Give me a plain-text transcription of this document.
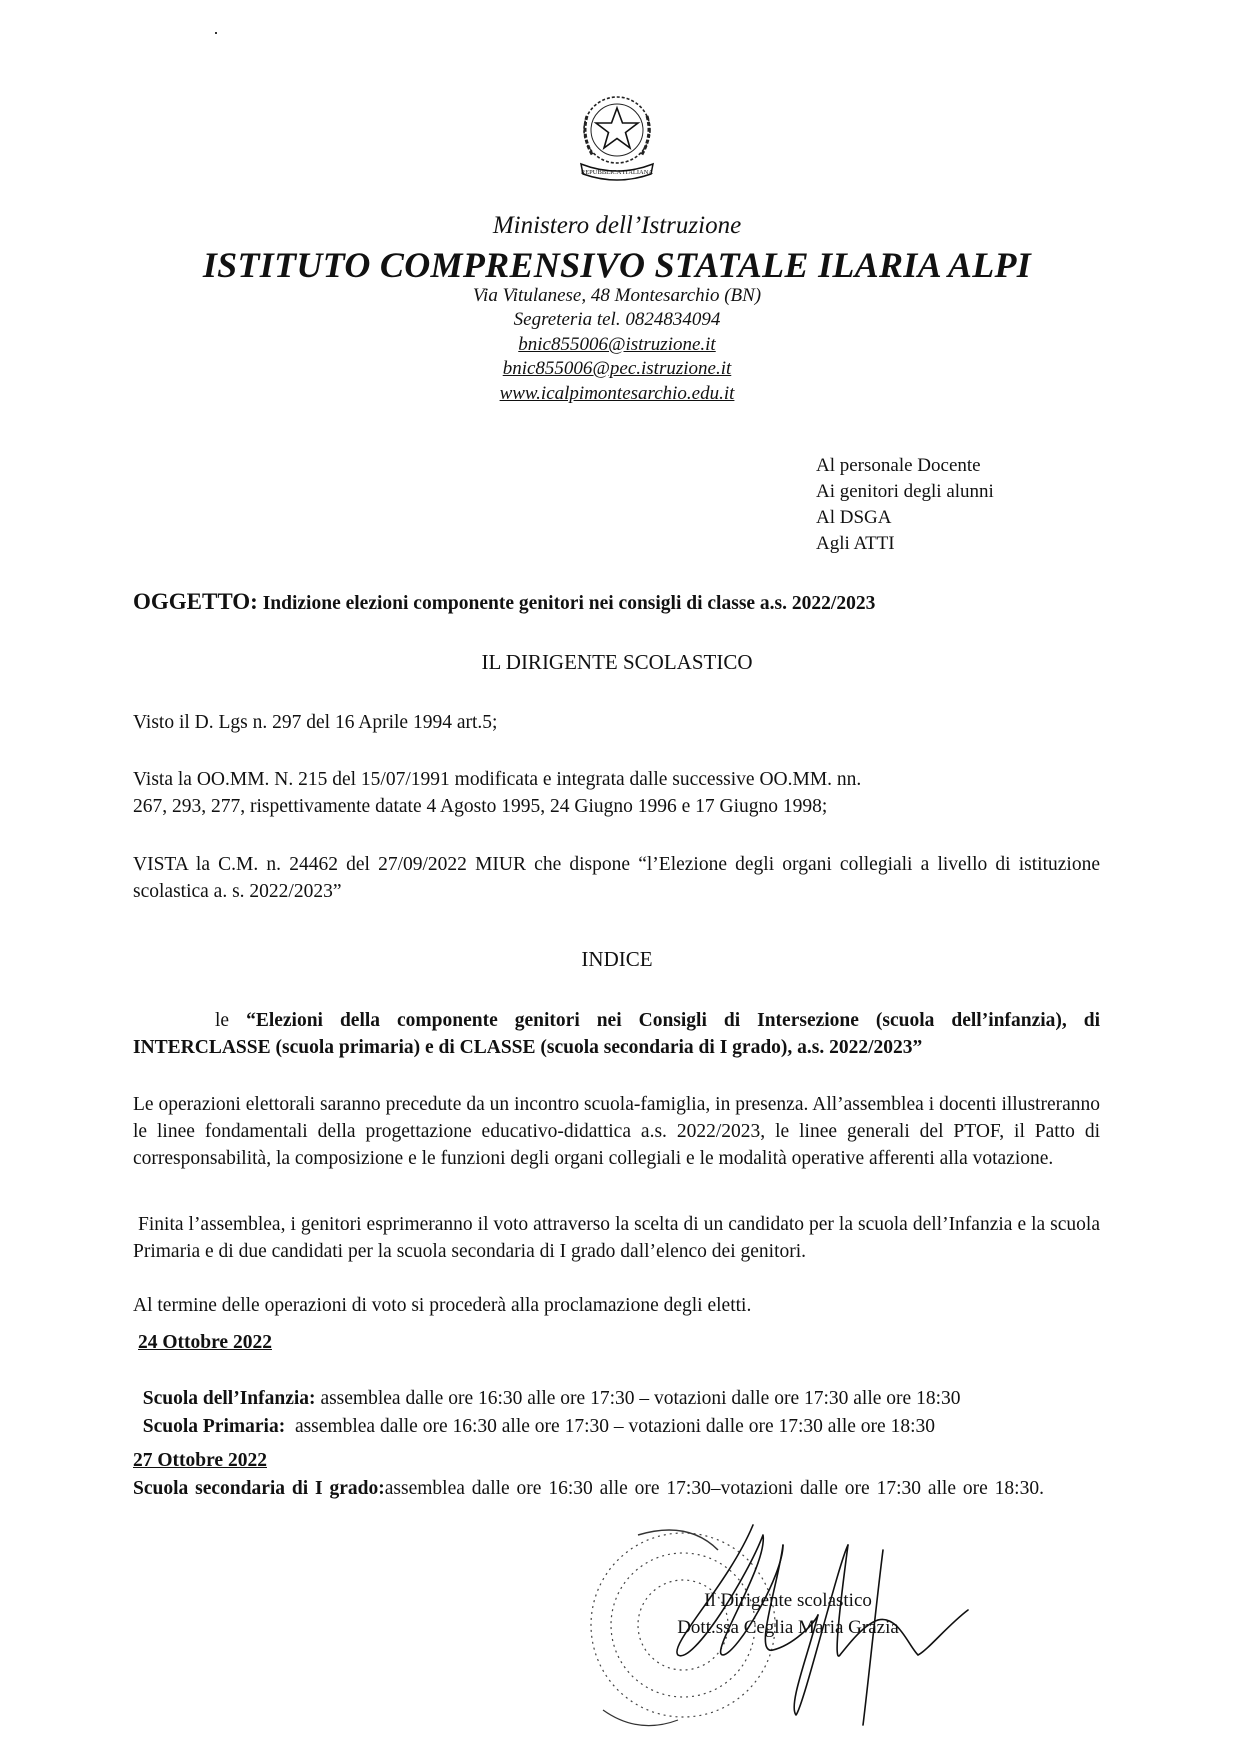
REPUBBLICA ITALIANA
Ministero dell’Istruzione
ISTITUTO COMPRENSIVO STATALE ILARIA ALPI
Via Vitulanese, 48 Montesarchio (BN)
Segreteria tel. 0824834094
bnic855006@istruzione.it
bnic855006@pec.istruzione.it
www.icalpimontesarchio.edu.it
Al personale Docente
Ai genitori degli alunni
Al DSGA
Agli ATTI
OGGETTO: Indizione elezioni componente genitori nei consigli di classe a.s. 2022/2023
IL DIRIGENTE SCOLASTICO
Visto il D. Lgs n. 297 del 16 Aprile 1994 art.5;
Vista la OO.MM. N. 215 del 15/07/1991 modificata e integrata dalle successive OO.MM. nn.
267, 293, 277, rispettivamente datate 4 Agosto 1995, 24 Giugno 1996 e 17 Giugno 1998;
VISTA la C.M. n. 24462 del 27/09/2022 MIUR che dispone “l’Elezione degli organi collegiali a livello di istituzione scolastica a. s. 2022/2023”
INDICE
le “Elezioni della componente genitori nei Consigli di Intersezione (scuola dell’infanzia), di INTERCLASSE (scuola primaria) e di CLASSE (scuola secondaria di I grado), a.s. 2022/2023”
Le operazioni elettorali saranno precedute da un incontro scuola-famiglia, in presenza. All’assemblea i docenti illustreranno le linee fondamentali della progettazione educativo-didattica a.s. 2022/2023, le linee generali del PTOF, il Patto di corresponsabilità, la composizione e le funzioni degli organi collegiali e le modalità operative afferenti alla votazione.
Finita l’assemblea, i genitori esprimeranno il voto attraverso la scelta di un candidato per la scuola dell’Infanzia e la scuola Primaria e di due candidati per la scuola secondaria di I grado dall’elenco dei genitori.
Al termine delle operazioni di voto si procederà alla proclamazione degli eletti.
24 Ottobre 2022

Scuola dell’Infanzia: assemblea dalle ore 16:30 alle ore 17:30 – votazioni dalle ore 17:30 alle ore 18:30

Scuola Primaria:  assemblea dalle ore 16:30 alle ore 17:30 – votazioni dalle ore 17:30 alle ore 18:30

27 Ottobre 2022
Scuola secondaria di I grado:assemblea dalle ore 16:30 alle ore 17:30–votazioni dalle ore 17:30 alle ore 18:30.
Il Dirigente scolastico
Dott.ssa Ceglia Maria Grazia
